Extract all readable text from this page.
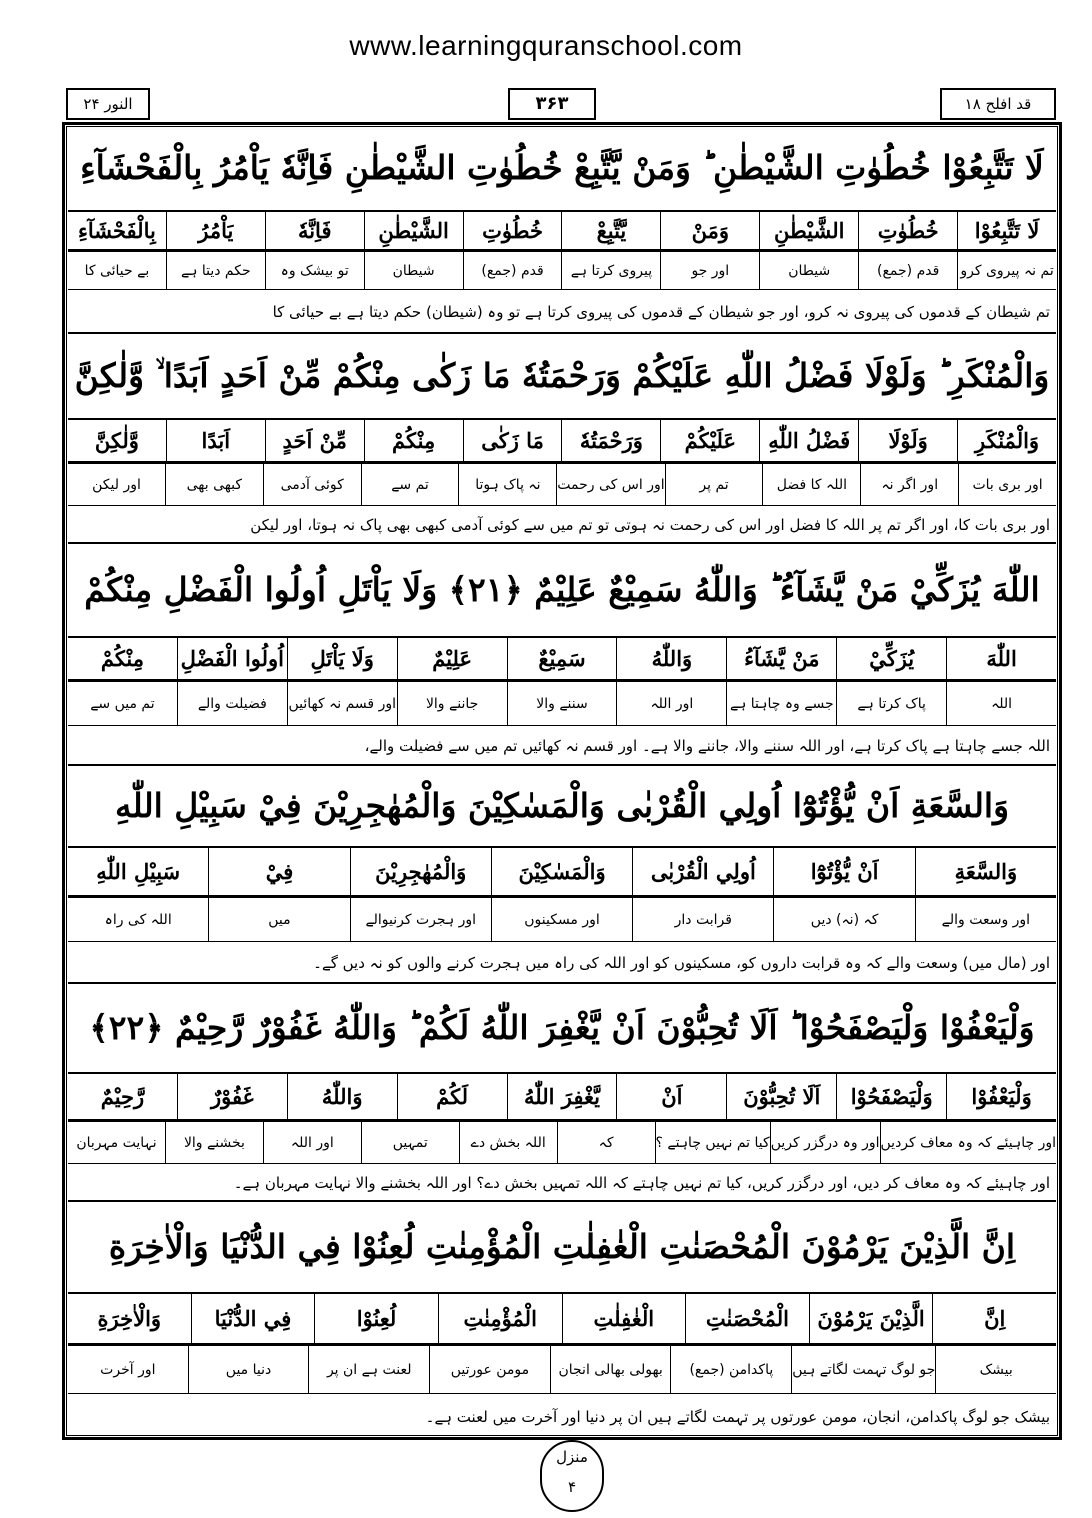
www.learningquranschool.com
النور ۲۴	۳۶۳	قد افلح ۱۸
لَا تَتَّبِعُوْا خُطُوٰتِ الشَّيْطٰنِ ؕ وَمَنْ يَّتَّبِعْ خُطُوٰتِ الشَّيْطٰنِ فَاِنَّهٗ يَاْمُرُ بِالْفَحْشَآءِ
لَا تَتَّبِعُوْا
خُطُوٰتِ
الشَّيْطٰنِ
وَمَنْ
يَّتَّبِعْ
خُطُوٰتِ
الشَّيْطٰنِ
فَاِنَّهٗ
يَاْمُرُ
بِالْفَحْشَآءِ
تم نہ پیروی کرو
قدم (جمع)
شیطان
اور جو
پیروی کرتا ہے
قدم (جمع)
شیطان
تو بیشک وہ
حکم دیتا ہے
بے حیائی کا
تم شیطان کے قدموں کی پیروی نہ کرو، اور جو شیطان کے قدموں کی پیروی کرتا ہے تو وہ (شیطان) حکم دیتا ہے بے حیائی کا
وَالْمُنْكَرِ ؕ وَلَوْلَا فَضْلُ اللّٰهِ عَلَيْكُمْ وَرَحْمَتُهٗ مَا زَكٰى مِنْكُمْ مِّنْ اَحَدٍ اَبَدًا ۙ وَّلٰكِنَّ
وَالْمُنْكَرِ
وَلَوْلَا
فَضْلُ اللّٰهِ
عَلَيْكُمْ
وَرَحْمَتُهٗ
مَا زَكٰى
مِنْكُمْ
مِّنْ اَحَدٍ
اَبَدًا
وَّلٰكِنَّ
اور بری بات
اور اگر نہ
اللہ کا فضل
تم پر
اور اس کی رحمت
نہ پاک ہوتا
تم سے
کوئی آدمی
کبھی بھی
اور لیکن
اور بری بات کا، اور اگر تم پر اللہ کا فضل اور اس کی رحمت نہ ہوتی تو تم میں سے کوئی آدمی کبھی بھی پاک نہ ہوتا، اور لیکن
اللّٰهَ يُزَكِّيْ مَنْ يَّشَآءُ ؕ وَاللّٰهُ سَمِيْعٌ عَلِيْمٌ ﴿۲۱﴾ وَلَا يَاْتَلِ اُولُوا الْفَضْلِ مِنْكُمْ
اللّٰهَ
يُزَكِّيْ
مَنْ يَّشَآءُ
وَاللّٰهُ
سَمِيْعٌ
عَلِيْمٌ
وَلَا يَاْتَلِ
اُولُوا الْفَضْلِ
مِنْكُمْ
اللہ
پاک کرتا ہے
جسے وہ چاہتا ہے
اور اللہ
سننے والا
جاننے والا
اور قسم نہ کھائیں
فضیلت والے
تم میں سے
اللہ جسے چاہتا ہے پاک کرتا ہے، اور اللہ سننے والا، جاننے والا ہے۔ اور قسم نہ کھائیں تم میں سے فضیلت والے،
وَالسَّعَةِ اَنْ يُّؤْتُوْٓا اُولِي الْقُرْبٰى وَالْمَسٰكِيْنَ وَالْمُهٰجِرِيْنَ فِيْ سَبِيْلِ اللّٰهِ
وَالسَّعَةِ
اَنْ يُّؤْتُوْٓا
اُولِي الْقُرْبٰى
وَالْمَسٰكِيْنَ
وَالْمُهٰجِرِيْنَ
فِيْ
سَبِيْلِ اللّٰهِ
اور وسعت والے
کہ (نہ) دیں
قرابت دار
اور مسکینوں
اور ہجرت کرنیوالے
میں
اللہ کی راہ
اور (مال میں) وسعت والے کہ وہ قرابت داروں کو، مسکینوں کو اور اللہ کی راہ میں ہجرت کرنے والوں کو نہ دیں گے۔
وَلْيَعْفُوْا وَلْيَصْفَحُوْا ؕ اَلَا تُحِبُّوْنَ اَنْ يَّغْفِرَ اللّٰهُ لَكُمْ ؕ وَاللّٰهُ غَفُوْرٌ رَّحِيْمٌ ﴿۲۲﴾
وَلْيَعْفُوْا
وَلْيَصْفَحُوْا
اَلَا تُحِبُّوْنَ
اَنْ
يَّغْفِرَ اللّٰهُ
لَكُمْ
وَاللّٰهُ
غَفُوْرٌ
رَّحِيْمٌ
اور چاہیئے کہ وہ معاف کردیں
اور وہ درگزر کریں
کیا تم نہیں چاہتے ؟
کہ
اللہ بخش دے
تمہیں
اور اللہ
بخشنے والا
نہایت مہربان
اور چاہیئے کہ وہ معاف کر دیں، اور درگزر کریں، کیا تم نہیں چاہتے کہ اللہ تمہیں بخش دے؟ اور اللہ بخشنے والا نہایت مہربان ہے۔
اِنَّ الَّذِيْنَ يَرْمُوْنَ الْمُحْصَنٰتِ الْغٰفِلٰتِ الْمُؤْمِنٰتِ لُعِنُوْا فِي الدُّنْيَا وَالْاٰخِرَةِ
اِنَّ
الَّذِيْنَ يَرْمُوْنَ
الْمُحْصَنٰتِ
الْغٰفِلٰتِ
الْمُؤْمِنٰتِ
لُعِنُوْا
فِي الدُّنْيَا
وَالْاٰخِرَةِ
بیشک
جو لوگ تہمت لگاتے ہیں
پاکدامن (جمع)
بھولی بھالی انجان
مومن عورتیں
لعنت ہے ان پر
دنیا میں
اور آخرت
بیشک جو لوگ پاکدامن، انجان، مومن عورتوں پر تہمت لگاتے ہیں ان پر دنیا اور آخرت میں لعنت ہے۔
منزل
۴
